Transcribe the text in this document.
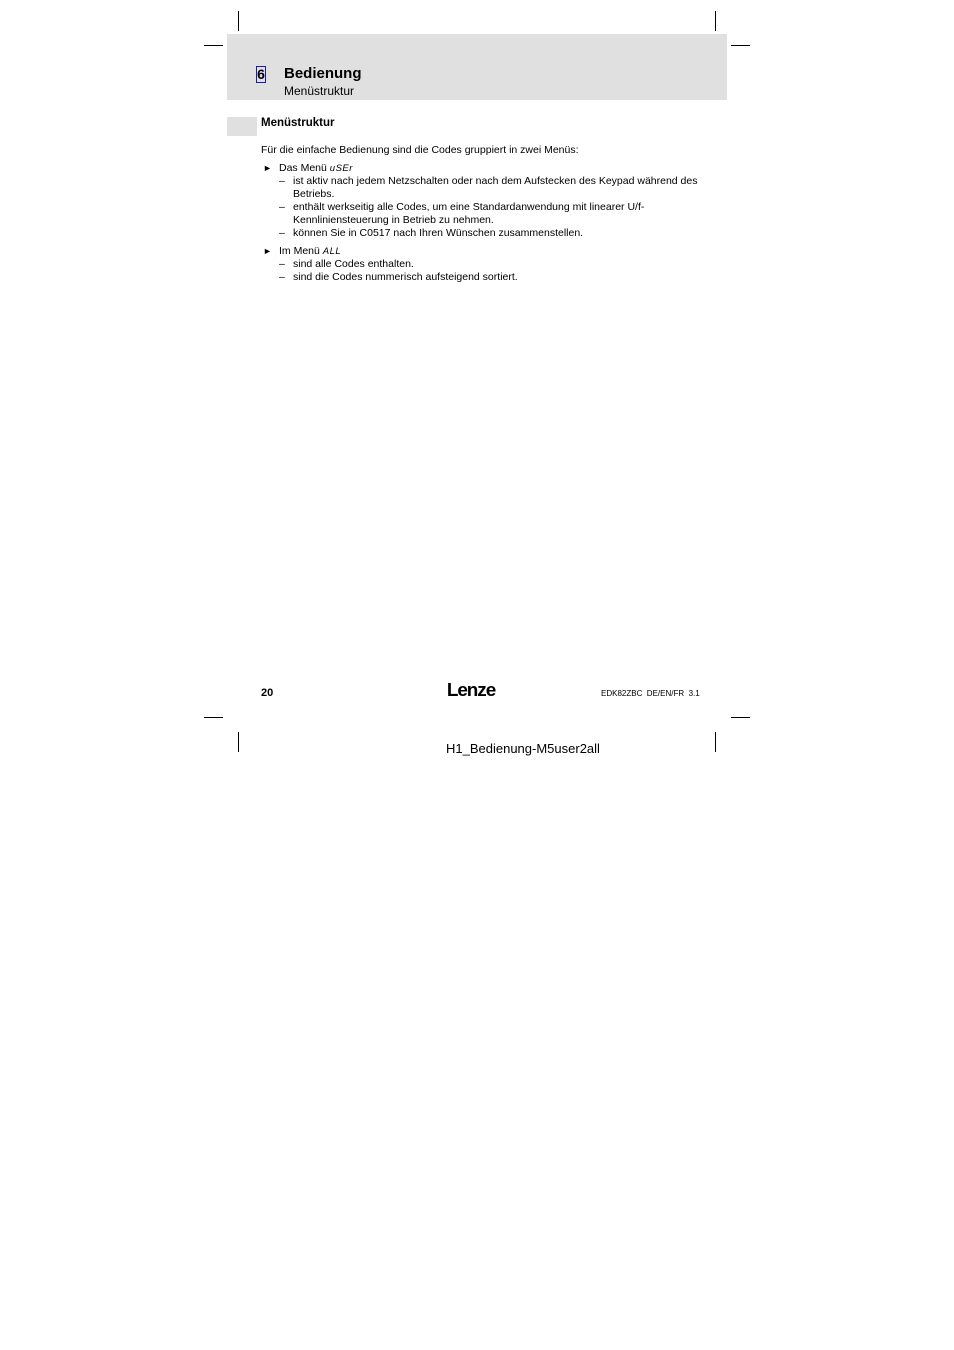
6 Bedienung
Menüstruktur
Menüstruktur

Für die einfache Bedienung sind die Codes gruppiert in zwei Menüs:

► Das Menü uSEr
– ist aktiv nach jedem Netzschalten oder nach dem Aufstecken des Keypad während des Betriebs.
– enthält werkseitig alle Codes, um eine Standardanwendung mit linearer U/f-Kennliniensteuerung in Betrieb zu nehmen.
– können Sie in C0517 nach Ihren Wünschen zusammenstellen.
► Im Menü ALL
– sind alle Codes enthalten.
– sind die Codes nummerisch aufsteigend sortiert.
20	Lenze	EDK82ZBC  DE/EN/FR  3.1
H1_Bedienung-M5user2all
